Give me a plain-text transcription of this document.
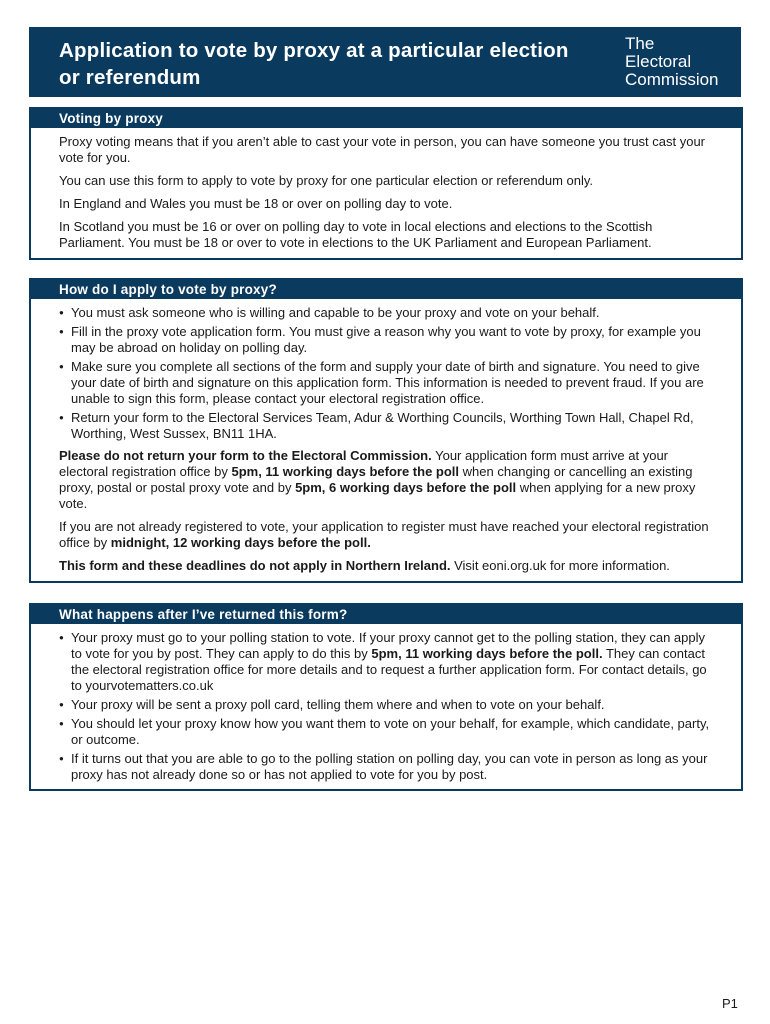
Application to vote by proxy at a particular election or referendum
The
Electoral
Commission
Voting by proxy

Proxy voting means that if you aren’t able to cast your vote in person, you can have someone you trust cast your vote for you.

You can use this form to apply to vote by proxy for one particular election or referendum only.

In England and Wales you must be 18 or over on polling day to vote.

In Scotland you must be 16 or over on polling day to vote in local elections and elections to the Scottish Parliament. You must be 18 or over to vote in elections to the UK Parliament and European Parliament.

How do I apply to vote by proxy?
● You must ask someone who is willing and capable to be your proxy and vote on your behalf.
● Fill in the proxy vote application form. You must give a reason why you want to vote by proxy, for example you may be abroad on holiday on polling day.
● Make sure you complete all sections of the form and supply your date of birth and signature. You need to give your date of birth and signature on this application form. This information is needed to prevent fraud. If you are unable to sign this form, please contact your electoral registration office.
● Return your form to the Electoral Services Team, Adur & Worthing Councils, Worthing Town Hall, Chapel Rd, Worthing, West Sussex, BN11 1HA.

Please do not return your form to the Electoral Commission. Your application form must arrive at your electoral registration office by 5pm, 11 working days before the poll when changing or cancelling an existing proxy, postal or postal proxy vote and by 5pm, 6 working days before the poll when applying for a new proxy vote.

If you are not already registered to vote, your application to register must have reached your electoral registration office by midnight, 12 working days before the poll.

This form and these deadlines do not apply in Northern Ireland. Visit eoni.org.uk for more information.

What happens after I’ve returned this form?
● Your proxy must go to your polling station to vote. If your proxy cannot get to the polling station, they can apply to vote for you by post. They can apply to do this by 5pm, 11 working days before the poll. They can contact the electoral registration office for more details and to request a further application form. For contact details, go to yourvotematters.co.uk
● Your proxy will be sent a proxy poll card, telling them where and when to vote on your behalf.
● You should let your proxy know how you want them to vote on your behalf, for example, which candidate, party, or outcome.
● If it turns out that you are able to go to the polling station on polling day, you can vote in person as long as your proxy has not already done so or has not applied to vote for you by post.
P1
